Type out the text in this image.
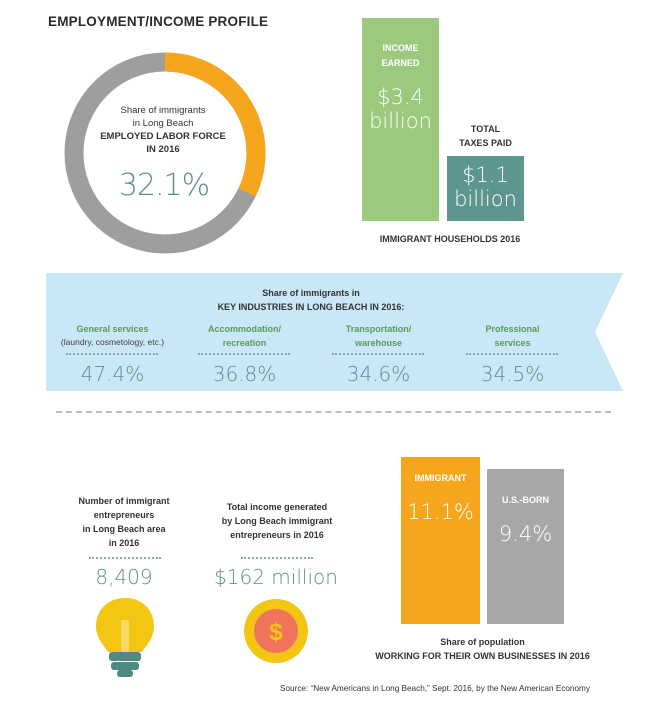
EMPLOYMENT/INCOME PROFILE
Share of immigrants
in Long Beach
EMPLOYED LABOR FORCE
IN 2016
32.1%
INCOME
EARNED
$3.4
billion	TOTAL
TAXES PAID
$1.1
billion
IMMIGRANT HOUSEHOLDS 2016
Share of immigrants in
KEY INDUSTRIES IN LONG BEACH IN 2016:
General services
(laundry, cosmetology, etc.)
Accommodation/
recreation
Transportation/
warehouse
Professional
services
47.4%	36.8%	34.6%	34.5%
Number of immigrant
entrepreneurs
in Long Beach area
in 2016
8,409
Total income generated
by Long Beach immigrant
entrepreneurs in 2016
$162 million
$
IMMIGRANT
11.1%	U.S.-BORN
9.4%
Share of population
WORKING FOR THEIR OWN BUSINESSES IN 2016
Source: “New Americans in Long Beach,” Sept. 2016, by the New American Economy
